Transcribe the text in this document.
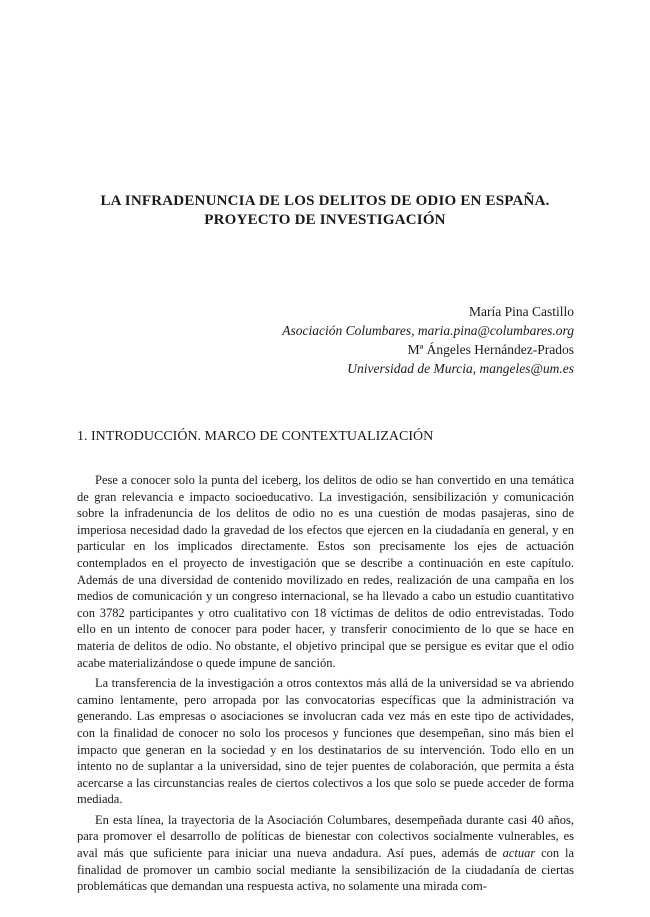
LA INFRADENUNCIA DE LOS DELITOS DE ODIO EN ESPAÑA.
PROYECTO DE INVESTIGACIÓN
María Pina Castillo
Asociación Columbares, maria.pina@columbares.org
Mª Ángeles Hernández-Prados
Universidad de Murcia, mangeles@um.es
1. INTRODUCCIÓN. MARCO DE CONTEXTUALIZACIÓN

Pese a conocer solo la punta del iceberg, los delitos de odio se han convertido en una temática de gran relevancia e impacto socioeducativo. La investigación, sensibilización y comunicación sobre la infradenuncia de los delitos de odio no es una cuestión de modas pasajeras, sino de imperiosa necesidad dado la gravedad de los efectos que ejercen en la ciudadanía en general, y en particular en los implicados directamente. Estos son precisamente los ejes de actuación contemplados en el proyecto de investigación que se describe a continuación en este capítulo. Además de una diversidad de contenido movilizado en redes, realización de una campaña en los medios de comunicación y un congreso internacional, se ha llevado a cabo un estudio cuantitativo con 3782 participantes y otro cualitativo con 18 víctimas de delitos de odio entrevistadas. Todo ello en un intento de conocer para poder hacer, y transferir conocimiento de lo que se hace en materia de delitos de odio. No obstante, el objetivo principal que se persigue es evitar que el odio acabe materializándose o quede impune de sanción.

La transferencia de la investigación a otros contextos más allá de la universidad se va abriendo camino lentamente, pero arropada por las convocatorias específicas que la administración va generando. Las empresas o asociaciones se involucran cada vez más en este tipo de actividades, con la finalidad de conocer no solo los procesos y funciones que desempeñan, sino más bien el impacto que generan en la sociedad y en los destinatarios de su intervención. Todo ello en un intento no de suplantar a la universidad, sino de tejer puentes de colaboración, que permita a ésta acercarse a las circunstancias reales de ciertos colectivos a los que solo se puede acceder de forma mediada.

En esta línea, la trayectoria de la Asociación Columbares, desempeñada durante casi 40 años, para promover el desarrollo de políticas de bienestar con colectivos socialmente vulnerables, es aval más que suficiente para iniciar una nueva andadura. Así pues, además de actuar con la finalidad de promover un cambio social mediante la sensibilización de la ciudadanía de ciertas problemáticas que demandan una respuesta activa, no solamente una mirada com-
